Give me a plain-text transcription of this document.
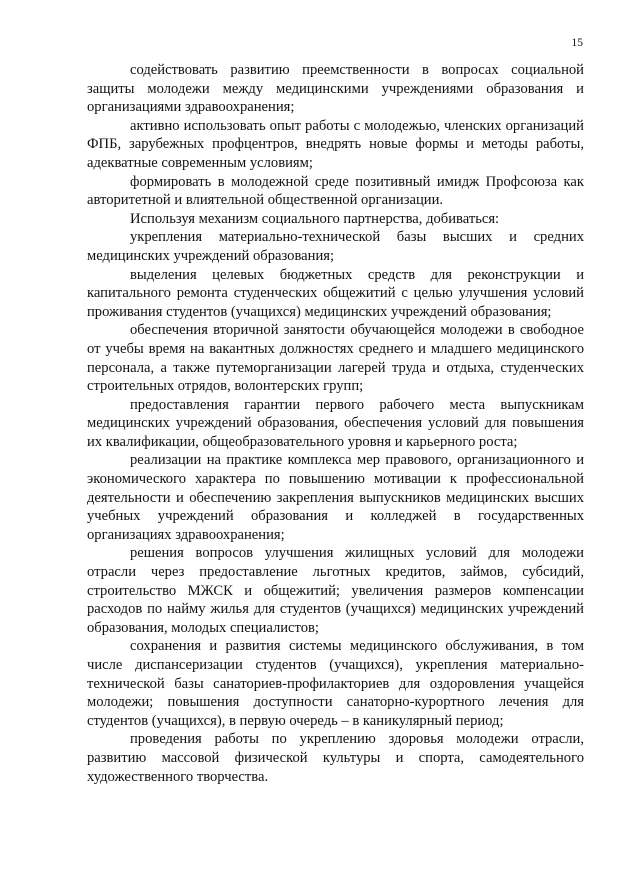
15

содействовать развитию преемственности в вопросах социальной защиты молодежи между медицинскими учреждениями образования и организациями здравоохранения;

активно использовать опыт работы с молодежью, членских организаций ФПБ, зарубежных профцентров, внедрять новые формы и методы работы, адекватные современным условиям;

формировать в молодежной среде позитивный имидж Профсоюза как авторитетной и влиятельной общественной организации.

Используя механизм социального партнерства, добиваться:

укрепления материально-технической базы высших и средних медицинских учреждений образования;

выделения целевых бюджетных средств для реконструкции и капитального ремонта студенческих общежитий с целью улучшения условий проживания студентов (учащихся) медицинских учреждений образования;

обеспечения вторичной занятости обучающейся молодежи в свободное от учебы время на вакантных должностях среднего и младшего медицинского персонала, а также путеморганизации лагерей труда и отдыха, студенческих строительных отрядов, волонтерских групп;

предоставления гарантии первого рабочего места выпускникам медицинских учреждений образования, обеспечения условий для повышения их квалификации, общеобразовательного уровня и карьерного роста;

реализации на практике комплекса мер правового, организационного и экономического характера по повышению мотивации к профессиональной деятельности и обеспечению закрепления выпускников медицинских высших учебных учреждений образования и колледжей в государственных организациях здравоохранения;

решения вопросов улучшения жилищных условий для молодежи отрасли через предоставление льготных кредитов, займов, субсидий, строительство МЖСК и общежитий; увеличения размеров компенсации расходов по найму жилья для студентов (учащихся) медицинских учреждений образования, молодых специалистов;

сохранения и развития системы медицинского обслуживания, в том числе диспансеризации студентов (учащихся), укрепления материально-технической базы санаториев-профилакториев для оздоровления учащейся молодежи; повышения доступности санаторно-курортного лечения для студентов (учащихся), в первую очередь – в каникулярный период;

проведения работы по укреплению здоровья молодежи отрасли, развитию массовой физической культуры и спорта, самодеятельного художественного творчества.
